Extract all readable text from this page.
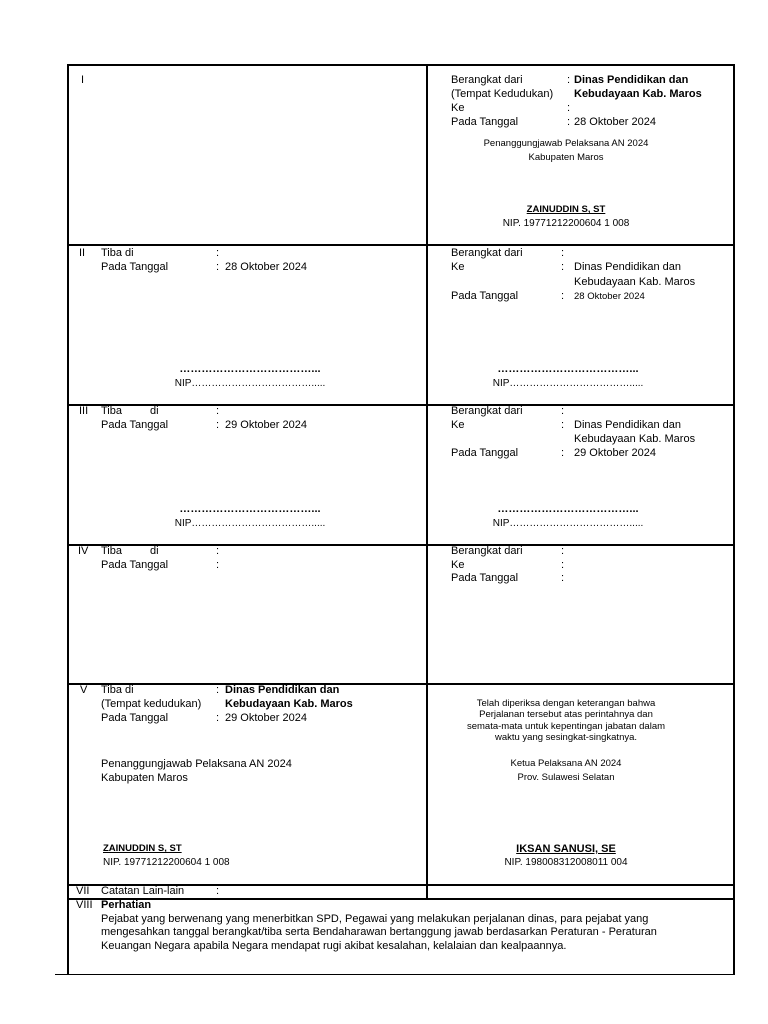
I	Berangkat dari	: Dinas Pendidikan dan
(Tempat Kedudukan) Kebudayaan Kab. Maros
Ke	:
Pada Tanggal	: 28 Oktober 2024
Penanggungjawab Pelaksana AN 2024
Kabupaten Maros
ZAINUDDIN S, ST
NIP. 19771212200604 1 008
II Tiba di	:
Pada Tanggal	: 28 Oktober 2024
………………………………...
NIP……………………………….....
Berangkat dari	:
Ke	: Dinas Pendidikan dan
Kebudayaan Kab. Maros
Pada Tanggal	: 28 Oktober 2024
………………………………...
NIP……………………………….....
III Tiba	di	:
Pada Tanggal	: 29 Oktober 2024
………………………………...
NIP……………………………….....
Berangkat dari	:
Ke	: Dinas Pendidikan dan
Kebudayaan Kab. Maros
Pada Tanggal	: 29 Oktober 2024
………………………………...
NIP……………………………….....
IV Tiba	di	:
Pada Tanggal	:
Berangkat dari	:
Ke	:
Pada Tanggal	:
V Tiba di	: Dinas Pendidikan dan
(Tempat kedudukan) Kebudayaan Kab. Maros
Pada Tanggal	: 29 Oktober 2024
Penanggungjawab Pelaksana AN 2024
Kabupaten Maros
ZAINUDDIN S, ST
NIP. 19771212200604 1 008
Telah diperiksa dengan keterangan bahwa
Perjalanan tersebut atas perintahnya dan
semata-mata untuk kepentingan jabatan dalam
waktu yang sesingkat-singkatnya.
Ketua Pelaksana AN 2024
Prov. Sulawesi Selatan
IKSAN SANUSI, SE
NIP. 198008312008011 004
VII Catatan Lain-lain	:
VIII Perhatian
Pejabat yang berwenang yang menerbitkan SPD, Pegawai yang melakukan perjalanan dinas, para pejabat yang
mengesahkan tanggal berangkat/tiba serta Bendaharawan bertanggung jawab berdasarkan Peraturan - Peraturan
Keuangan Negara apabila Negara mendapat rugi akibat kesalahan, kelalaian dan kealpaannya.
